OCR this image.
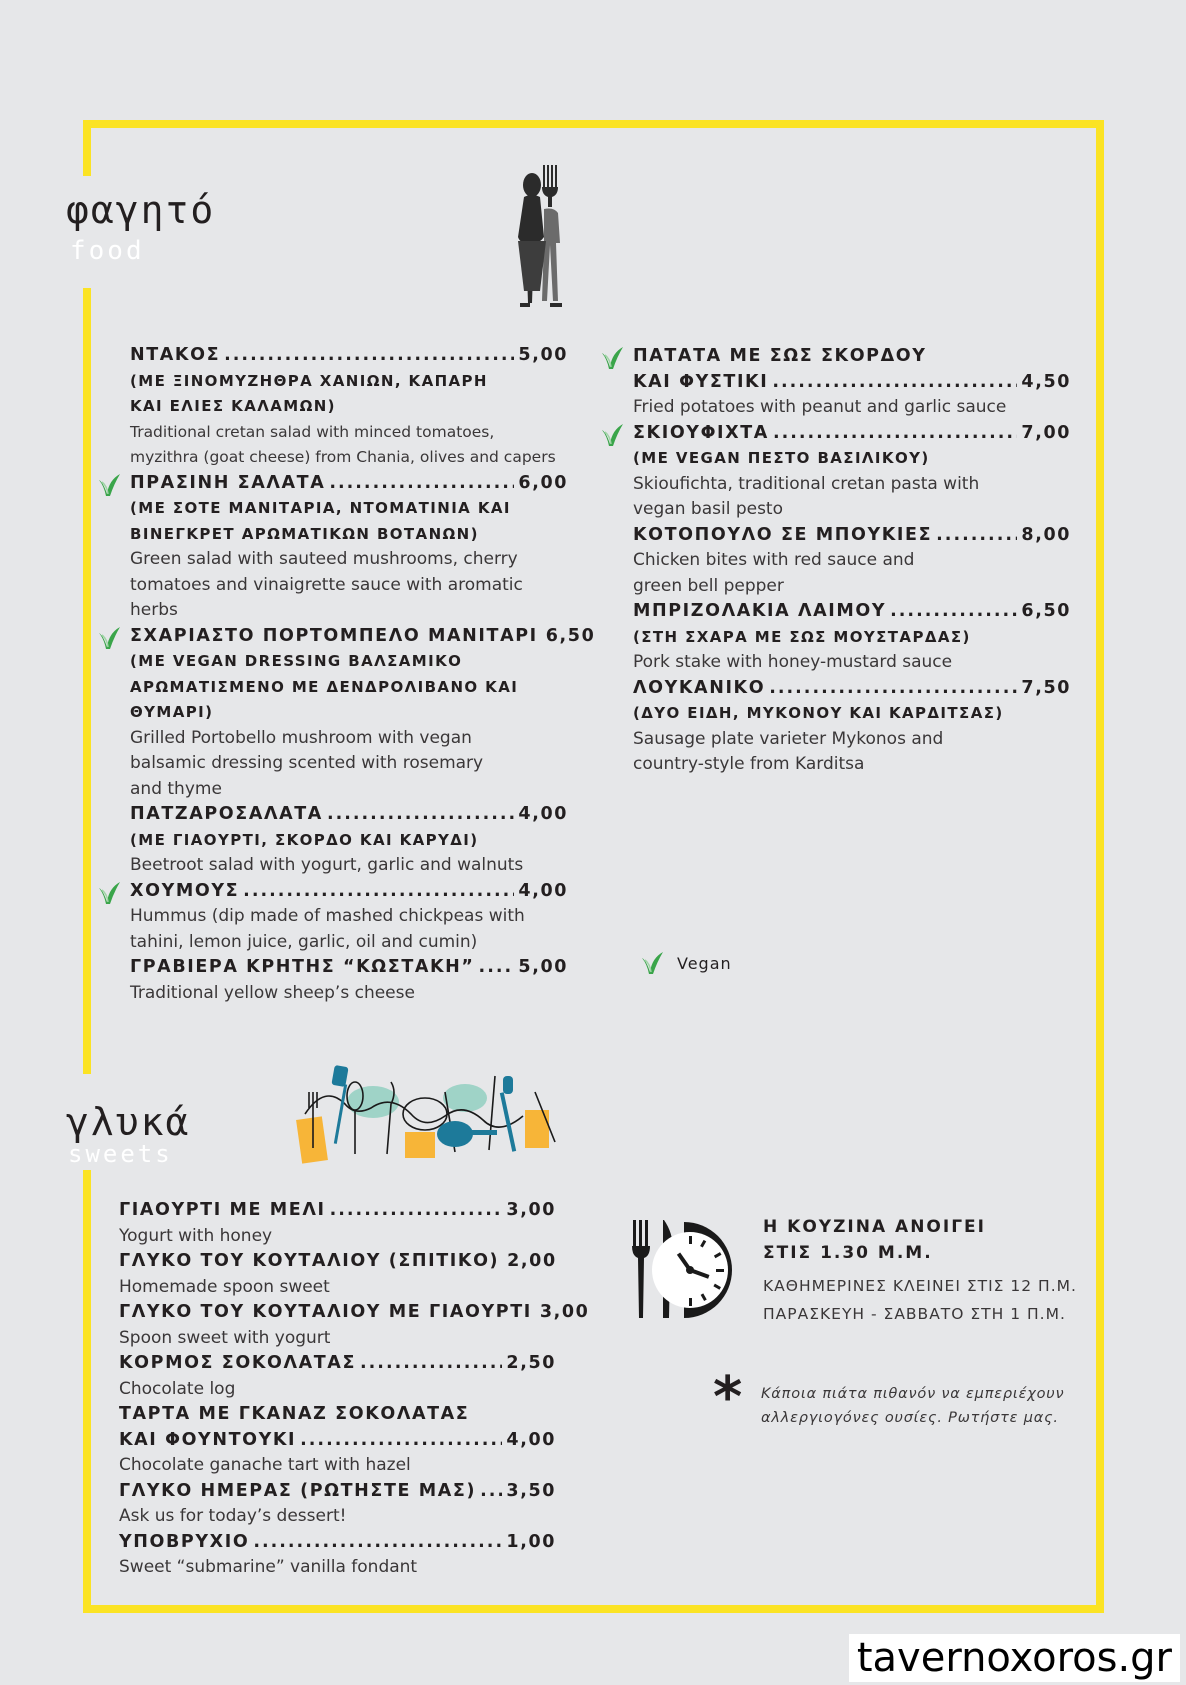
φαγητό
food
ΝΤΑΚΟΣ .....	5,00
(ΜΕ ΞΙΝΟΜΥΖΗΘΡΑ ΧΑΝΙΩΝ, ΚΑΠΑΡΗ
ΚΑΙ ΕΛΙΕΣ ΚΑΛΑΜΩΝ)
Traditional cretan salad with minced tomatoes,
myzithra (goat cheese) from Chania, olives and capers
ΠΡΑΣΙΝΗ ΣΑΛΑΤΑ .....	6,00
(ΜΕ ΣΟΤΕ ΜΑΝΙΤΑΡΙΑ, ΝΤΟΜΑΤΙΝΙΑ ΚΑΙ
ΒΙΝΕΓΚΡΕΤ ΑΡΩΜΑΤΙΚΩΝ ΒΟΤΑΝΩΝ)
Green salad with sauteed mushrooms, cherry
tomatoes and vinaigrette sauce with aromatic
herbs
ΣΧΑΡΙΑΣΤΟ ΠΟΡΤΟΜΠΕΛΟ ΜΑΝΙΤΑΡΙ 6,50
(ΜΕ VEGAN DRESSING ΒΑΛΣΑΜΙΚΟ
ΑΡΩΜΑΤΙΣΜΕΝΟ ΜΕ ΔΕΝΔΡΟΛΙΒΑΝΟ ΚΑΙ ΘΥΜΑΡΙ)
Grilled Portobello mushroom with vegan
balsamic dressing scented with rosemary
and thyme
ΠΑΤΖΑΡΟΣΑΛΑΤΑ .....	4,00
(ΜΕ ΓΙΑΟΥΡΤΙ, ΣΚΟΡΔΟ ΚΑΙ ΚΑΡΥΔΙ)
Beetroot salad with yogurt, garlic and walnuts
ΧΟΥΜΟΥΣ .....	4,00
Hummus (dip made of mashed chickpeas with
tahini, lemon juice, garlic, oil and cumin)
ΓΡΑΒΙΕΡΑ ΚΡΗΤΗΣ “ΚΩΣΤΑΚΗ” .....	5,00
Traditional yellow sheep’s cheese
ΠΑΤΑΤΑ ΜΕ ΣΩΣ ΣΚΟΡΔΟΥ
ΚΑΙ ΦΥΣΤΙΚΙ .....	4,50
Fried potatoes with peanut and garlic sauce
ΣΚΙΟΥΦΙΧΤΑ .....	7,00
(ΜΕ VEGAN ΠΕΣΤΟ ΒΑΣΙΛΙΚΟΥ)
Skioufichta, traditional cretan pasta with
vegan basil pesto
ΚΟΤΟΠΟΥΛΟ ΣΕ ΜΠΟΥΚΙΕΣ .....	8,00
Chicken bites with red sauce and
green bell pepper
ΜΠΡΙΖΟΛΑΚΙΑ ΛΑΙΜΟΥ .....	6,50
(ΣΤΗ ΣΧΑΡΑ ΜΕ ΣΩΣ ΜΟΥΣΤΑΡΔΑΣ)
Pork stake with honey-mustard sauce
ΛΟΥΚΑΝΙΚΟ .....	7,50
(ΔΥΟ ΕΙΔΗ, ΜΥΚΟΝΟΥ ΚΑΙ ΚΑΡΔΙΤΣΑΣ)
Sausage plate varieter Mykonos and
country-style from Karditsa
Vegan
γλυκά
sweets
ΓΙΑΟΥΡΤΙ ΜΕ ΜΕΛΙ .....	3,00
Yogurt with honey
ΓΛΥΚΟ ΤΟΥ ΚΟΥΤΑΛΙΟΥ (ΣΠΙΤΙΚΟ) 2,00
Homemade spoon sweet
ΓΛΥΚΟ ΤΟΥ ΚΟΥΤΑΛΙΟΥ ΜΕ ΓΙΑΟΥΡΤΙ 3,00
Spoon sweet with yogurt
ΚΟΡΜΟΣ ΣΟΚΟΛΑΤΑΣ .....	2,50
Chocolate log
ΤΑΡΤΑ ΜΕ ΓΚΑΝΑΖ ΣΟΚΟΛΑΤΑΣ
ΚΑΙ ΦΟΥΝΤΟΥΚΙ .....	4,00
Chocolate ganache tart with hazel
ΓΛΥΚΟ ΗΜΕΡΑΣ (ΡΩΤΗΣΤΕ ΜΑΣ) ..... 3,50
Ask us for today’s dessert!
ΥΠΟΒΡΥΧΙΟ .....	1,00
Sweet “submarine” vanilla fondant
Η ΚΟΥΖΙΝΑ ΑΝΟΙΓΕΙ
ΣΤΙΣ 1.30 Μ.Μ.
ΚΑΘΗΜΕΡΙΝΕΣ ΚΛΕΙΝΕΙ ΣΤΙΣ 12 Π.Μ.
ΠΑΡΑΣΚΕΥΗ - ΣΑΒΒΑΤΟ ΣΤΗ 1 Π.Μ.
* Κάποια πιάτα πιθανόν να εμπεριέχουν
αλλεργιογόνες ουσίες. Ρωτήστε μας.
tavernoxoros.gr
